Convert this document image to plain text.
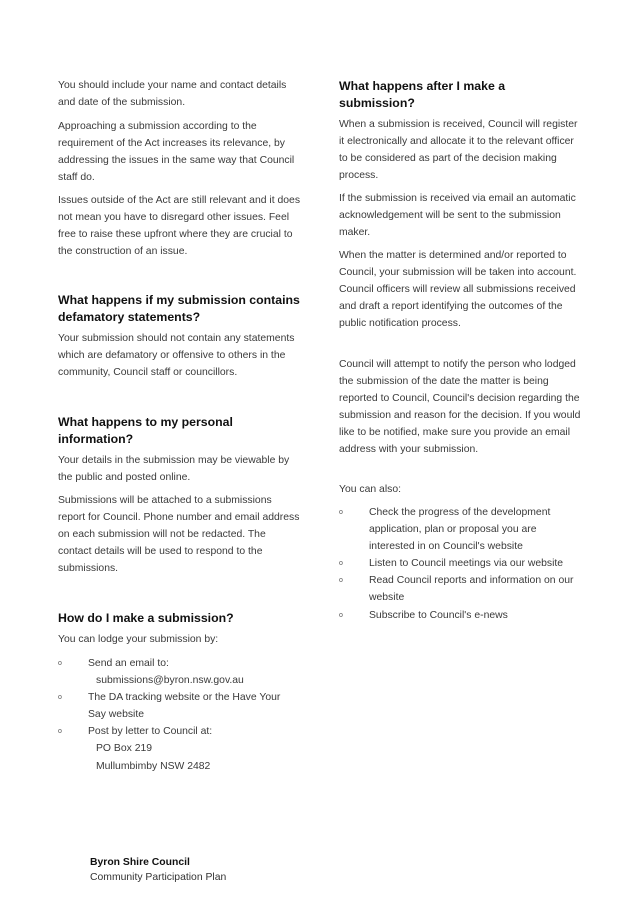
You should include your name and contact details and date of the submission.

Approaching a submission according to the requirement of the Act increases its relevance, by addressing the issues in the same way that Council staff do.

Issues outside of the Act are still relevant and it does not mean you have to disregard other issues. Feel free to raise these upfront where they are crucial to the construction of an issue.

What happens if my submission contains defamatory statements?

Your submission should not contain any statements which are defamatory or offensive to others in the community, Council staff or councillors.

What happens to my personal information?

Your details in the submission may be viewable by the public and posted online.

Submissions will be attached to a submissions report for Council. Phone number and email address on each submission will not be redacted. The contact details will be used to respond to the submissions.

How do I make a submission?

You can lodge your submission by:

o	Send an email to:
submissions@byron.nsw.gov.au
o	The DA tracking website or the Have Your Say website
o	Post by letter to Council at:
PO Box 219
Mullumbimby NSW 2482
What happens after I make a submission?

When a submission is received, Council will register it electronically and allocate it to the relevant officer to be considered as part of the decision making process.

If the submission is received via email an automatic acknowledgement will be sent to the submission maker.

When the matter is determined and/or reported to Council, your submission will be taken into account. Council officers will review all submissions received and draft a report identifying the outcomes of the public notification process.

Council will attempt to notify the person who lodged the submission of the date the matter is being reported to Council, Council's decision regarding the submission and reason for the decision. If you would like to be notified, make sure you provide an email address with your submission.

You can also:

o	Check the progress of the development application, plan or proposal you are interested in on Council's website
o	Listen to Council meetings via our website
o	Read Council reports and information on our website
o	Subscribe to Council's e-news
Byron Shire Council
Community Participation Plan
